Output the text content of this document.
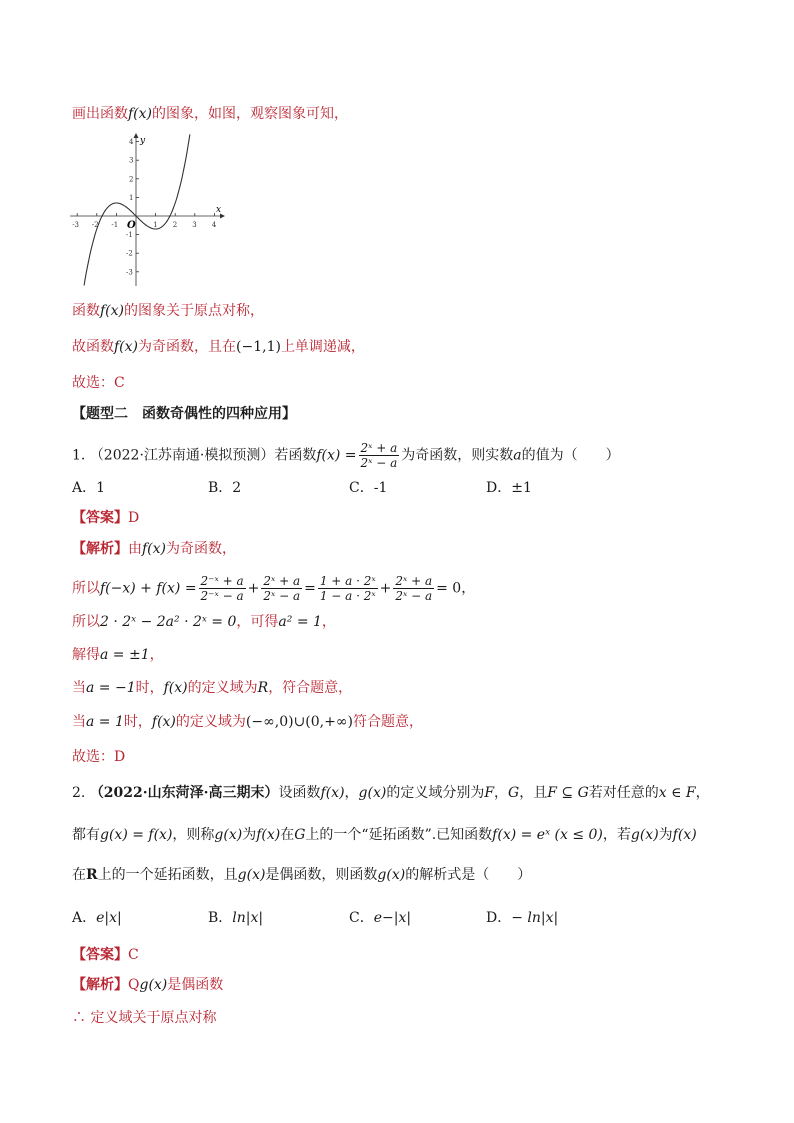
画出函数f(x)的图象，如图，观察图象可知，
-3 -2 -1	1 2 3 4
4
3
2
1
-1
-2
-3
x
y
O
函数f(x)的图象关于原点对称，
故函数f(x)为奇函数，且在(−1,1)上单调递减，
故选：C
【题型二　函数奇偶性的四种应用】
1. （2022·江苏南通·模拟预测）若函数$f(x) = \frac{\text{2ˣ + a}}{\text{2ˣ − a}}$ 为奇函数，则实数a的值为（　　）
A．1	B．2	C．-1	D．±1
【答案】D
【解析】由f(x)为奇函数，
所以$f(-x) + f(x) = \frac{\text{2⁻ˣ + a}}{\text{2⁻ˣ − a}} + \frac{\text{2ˣ + a}}{\text{2ˣ − a}} = \frac{\text{1 + a · 2ˣ}}{\text{1 − a · 2ˣ}} + \frac{\text{2ˣ + a}}{\text{2ˣ − a}} = 0$，
所以2 · 2ˣ − 2a² · 2ˣ = 0，可得a² = 1，
解得a = ±1，
当a = −1时，f(x)的定义域为R，符合题意，
当a = 1时，f(x)的定义域为(−∞,0)∪(0,+∞)符合题意，
故选：D
2. （2022·山东菏泽·高三期末）设函数f(x)，g(x)的定义域分别为F，G，且F ⊆ G若对任意的x ∈ F，
都有g(x) = f(x)，则称g(x)为f(x)在G上的一个“延拓函数”.已知函数f(x) = eˣ (x ≤ 0)，若g(x)为f(x)
在R上的一个延拓函数，且g(x)是偶函数，则函数g(x)的解析式是（　　）
A．e|x|	B．ln|x|	C．e−|x|	D．− ln|x|
【答案】C
【解析】Qg(x)是偶函数
∴ 定义域关于原点对称
